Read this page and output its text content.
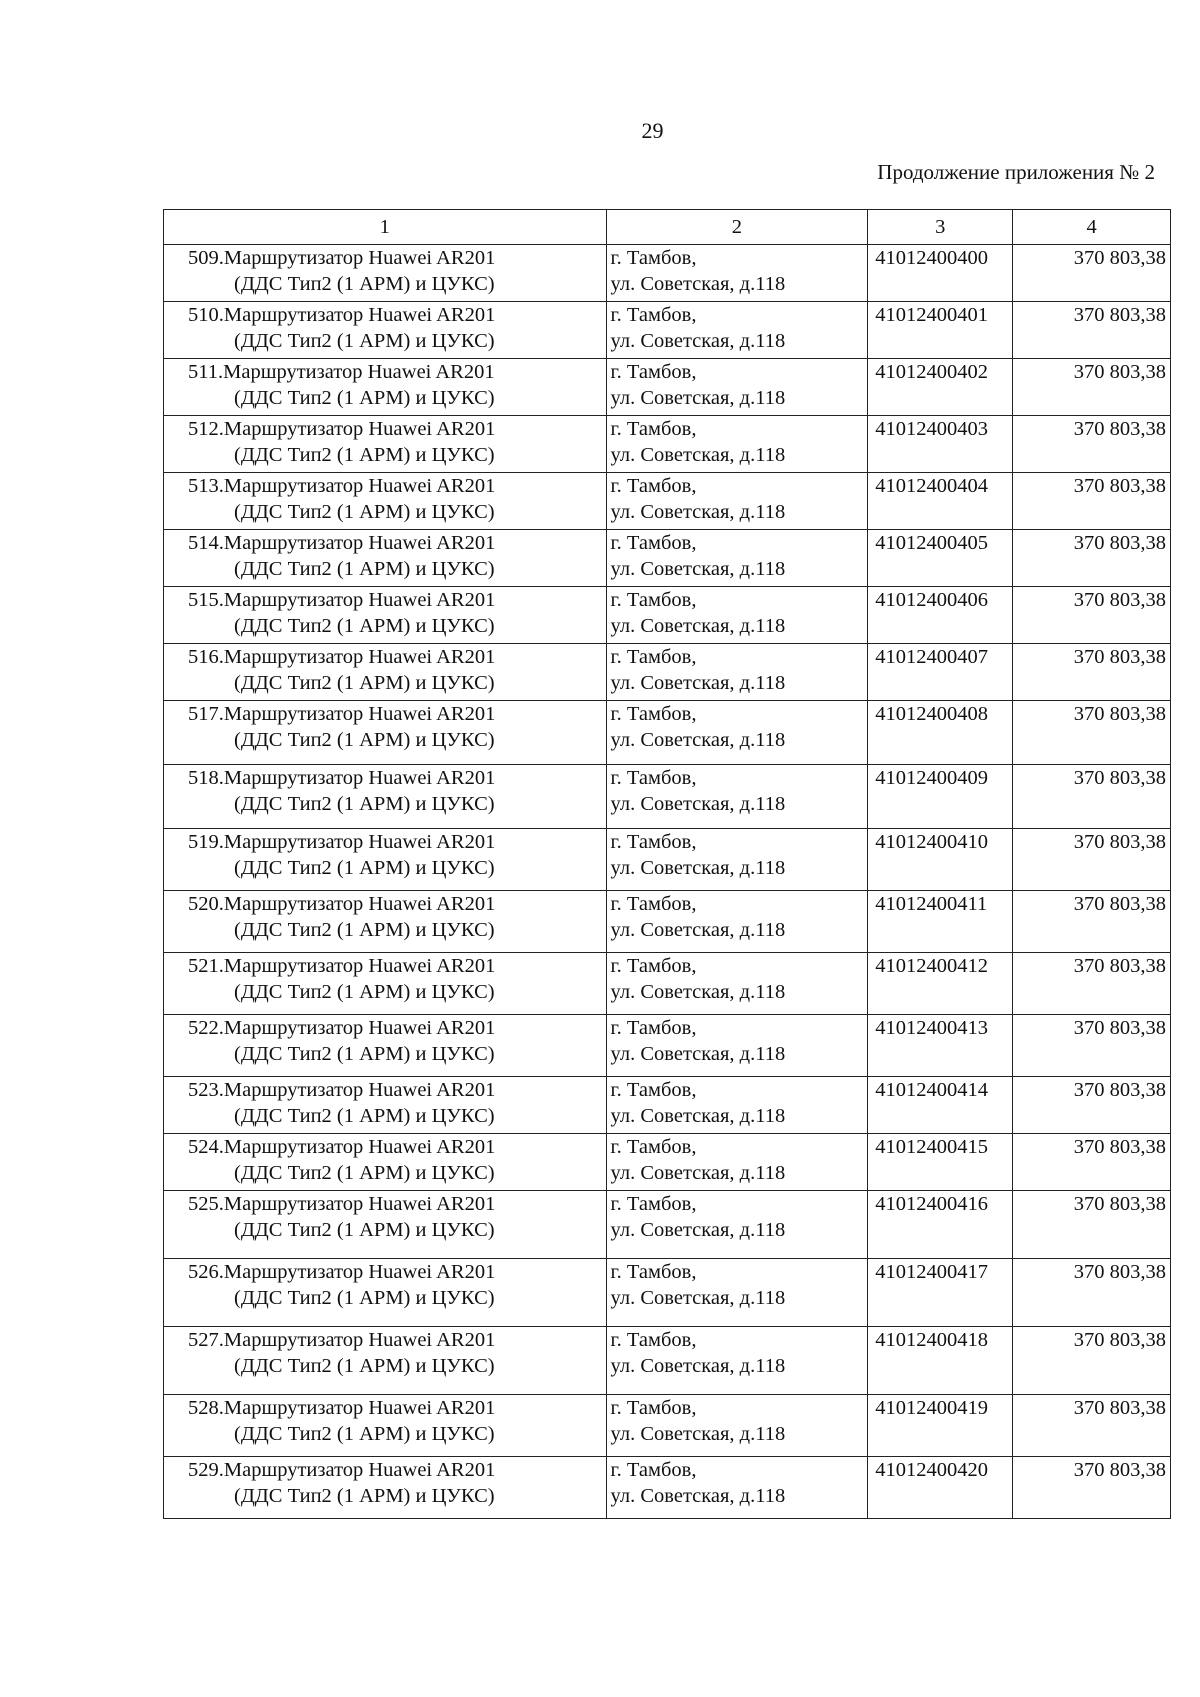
29
Продолжение приложения № 2
1	2	3	4

509.Маршрутизатор Huawei AR201
(ДДС Тип2 (1 АРМ) и ЦУКС)	г. Тамбов,
ул. Советская, д.118	41012400400	370 803,38

510.Маршрутизатор Huawei AR201
(ДДС Тип2 (1 АРМ) и ЦУКС)	г. Тамбов,
ул. Советская, д.118	41012400401	370 803,38

511.Маршрутизатор Huawei AR201
(ДДС Тип2 (1 АРМ) и ЦУКС)	г. Тамбов,
ул. Советская, д.118	41012400402	370 803,38

512.Маршрутизатор Huawei AR201
(ДДС Тип2 (1 АРМ) и ЦУКС)	г. Тамбов,
ул. Советская, д.118	41012400403	370 803,38

513.Маршрутизатор Huawei AR201
(ДДС Тип2 (1 АРМ) и ЦУКС)	г. Тамбов,
ул. Советская, д.118	41012400404	370 803,38

514.Маршрутизатор Huawei AR201
(ДДС Тип2 (1 АРМ) и ЦУКС)	г. Тамбов,
ул. Советская, д.118	41012400405	370 803,38

515.Маршрутизатор Huawei AR201
(ДДС Тип2 (1 АРМ) и ЦУКС)	г. Тамбов,
ул. Советская, д.118	41012400406	370 803,38

516.Маршрутизатор Huawei AR201
(ДДС Тип2 (1 АРМ) и ЦУКС)	г. Тамбов,
ул. Советская, д.118	41012400407	370 803,38

517.Маршрутизатор Huawei AR201
(ДДС Тип2 (1 АРМ) и ЦУКС)	г. Тамбов,
ул. Советская, д.118	41012400408	370 803,38

518.Маршрутизатор Huawei AR201
(ДДС Тип2 (1 АРМ) и ЦУКС)	г. Тамбов,
ул. Советская, д.118	41012400409	370 803,38

519.Маршрутизатор Huawei AR201
(ДДС Тип2 (1 АРМ) и ЦУКС)	г. Тамбов,
ул. Советская, д.118	41012400410	370 803,38

520.Маршрутизатор Huawei AR201
(ДДС Тип2 (1 АРМ) и ЦУКС)	г. Тамбов,
ул. Советская, д.118	41012400411	370 803,38

521.Маршрутизатор Huawei AR201
(ДДС Тип2 (1 АРМ) и ЦУКС)	г. Тамбов,
ул. Советская, д.118	41012400412	370 803,38

522.Маршрутизатор Huawei AR201
(ДДС Тип2 (1 АРМ) и ЦУКС)	г. Тамбов,
ул. Советская, д.118	41012400413	370 803,38

523.Маршрутизатор Huawei AR201
(ДДС Тип2 (1 АРМ) и ЦУКС)	г. Тамбов,
ул. Советская, д.118	41012400414	370 803,38

524.Маршрутизатор Huawei AR201
(ДДС Тип2 (1 АРМ) и ЦУКС)	г. Тамбов,
ул. Советская, д.118	41012400415	370 803,38

525.Маршрутизатор Huawei AR201
(ДДС Тип2 (1 АРМ) и ЦУКС)	г. Тамбов,
ул. Советская, д.118	41012400416	370 803,38

526.Маршрутизатор Huawei AR201
(ДДС Тип2 (1 АРМ) и ЦУКС)	г. Тамбов,
ул. Советская, д.118	41012400417	370 803,38

527.Маршрутизатор Huawei AR201
(ДДС Тип2 (1 АРМ) и ЦУКС)	г. Тамбов,
ул. Советская, д.118	41012400418	370 803,38

528.Маршрутизатор Huawei AR201
(ДДС Тип2 (1 АРМ) и ЦУКС)	г. Тамбов,
ул. Советская, д.118	41012400419	370 803,38

529.Маршрутизатор Huawei AR201
(ДДС Тип2 (1 АРМ) и ЦУКС)	г. Тамбов,
ул. Советская, д.118	41012400420	370 803,38
